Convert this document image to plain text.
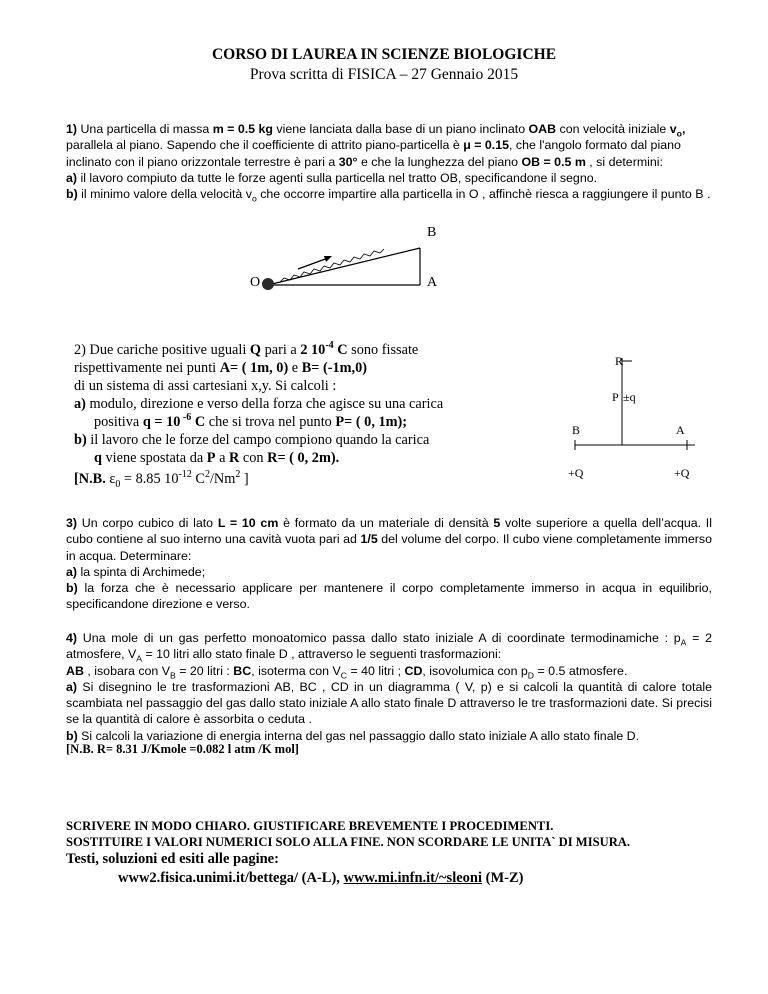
CORSO DI LAUREA IN SCIENZE BIOLOGICHE
Prova scritta di FISICA – 27 Gennaio 2015

1) Una particella di massa m = 0.5 kg viene lanciata dalla base di un piano inclinato OAB con velocità iniziale $v_o$, parallela al piano. Sapendo che il coefficiente di attrito piano-particella è μ = 0.15, che l'angolo formato dal piano inclinato con il piano orizzontale terrestre è pari a 30° e che la lunghezza del piano OB = 0.5 m , si determini:

a) il lavoro compiuto da tutte le forze agenti sulla particella nel tratto OB, specificandone il segno.

b) il minimo valore della velocità $v_o$ che occorre impartire alla particella in O , affinchè riesca a raggiungere il punto B .

O	A
B

2) Due cariche positive uguali Q pari a 2 $10^{-4}$ C sono fissate

rispettivamente nei punti A= ( 1m, 0) e B= (-1m,0)

di un sistema di assi cartesiani x,y. Si calcoli :

a) modulo, direzione e verso della forza che agisce su una carica

positiva q = 10 $^{-6}$ C che si trova nel punto P= ( 0, 1m);

b) il lavoro che le forze del campo compiono quando la carica

q viene spostata da P a R con R= ( 0, 2m).

[N.B. $\varepsilon_0 = 8.85$ $10^{-12}$ $C^2/Nm^2$ ]
R
P ±q
B	A
+Q	+Q

3) Un corpo cubico di lato L = 10 cm è formato da un materiale di densità 5 volte superiore a quella dell’acqua. Il cubo contiene al suo interno una cavità vuota pari ad 1/5 del volume del corpo. Il cubo viene completamente immerso in acqua. Determinare:

a) la spinta di Archimede;

b) la forza che è necessario applicare per mantenere il corpo completamente immerso in acqua in equilibrio, specificandone direzione e verso.

4) Una mole di un gas perfetto monoatomico passa dallo stato iniziale A di coordinate termodinamiche : $p_A = 2$ atmosfere, $V_A = 10$ litri allo stato finale D , attraverso le seguenti trasformazioni:

AB , isobara con $V_B = 20$ litri : BC, isoterma con $V_C = 40$ litri ; CD, isovolumica con $p_D = 0.5$ atmosfere.

a) Si disegnino le tre trasformazioni AB, BC , CD in un diagramma ( V, p) e si calcoli la quantità di calore totale scambiata nel passaggio del gas dallo stato iniziale A allo stato finale D attraverso le tre trasformazioni date. Si precisi se la quantità di calore è assorbita o ceduta .

b) Si calcoli la variazione di energia interna del gas nel passaggio dallo stato iniziale A allo stato finale D.

[N.B. R= 8.31 J/Kmole =0.082 l atm /K mol]

SCRIVERE IN MODO CHIARO. GIUSTIFICARE BREVEMENTE I PROCEDIMENTI.

SOSTITUIRE I VALORI NUMERICI SOLO ALLA FINE. NON SCORDARE LE UNITA` DI MISURA.

Testi, soluzioni ed esiti alle pagine:

www2.fisica.unimi.it/bettega/ (A-L), www.mi.infn.it/~sleoni (M-Z)
